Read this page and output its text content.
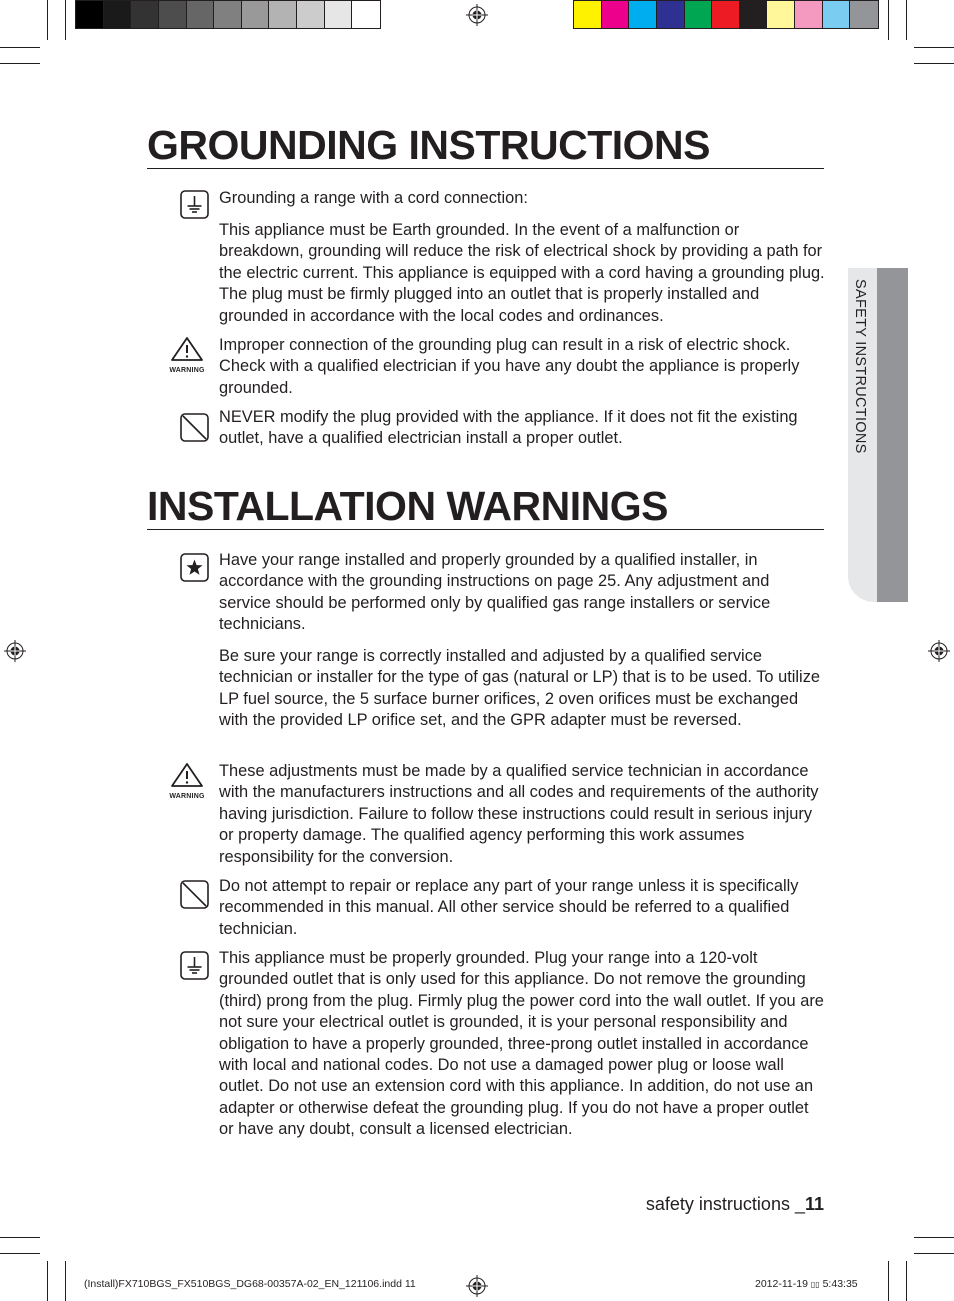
SAFETY INSTRUCTIONS
GROUNDING INSTRUCTIONS
Grounding a range with a cord connection:
This appliance must be Earth grounded. In the event of a malfunction or breakdown, grounding will reduce the risk of electrical shock by providing a path for the electric current. This appliance is equipped with a cord having a grounding plug. The plug must be firmly plugged into an outlet that is properly installed and grounded in accordance with the local codes and ordinances.
WARNING
Improper connection of the grounding plug can result in a risk of electric shock. Check with a qualified electrician if you have any doubt the appliance is properly grounded.
NEVER modify the plug provided with the appliance. If it does not fit the existing outlet, have a qualified electrician install a proper outlet.
INSTALLATION WARNINGS
Have your range installed and properly grounded by a qualified installer, in accordance with the grounding instructions on page 25. Any adjustment and service should be performed only by qualified gas range installers or service technicians.
Be sure your range is correctly installed and adjusted by a qualified service technician or installer for the type of gas (natural or LP) that is to be used. To utilize LP fuel source, the 5 surface burner orifices, 2 oven orifices must be exchanged with the provided LP orifice set, and the GPR adapter must be reversed.
WARNING
These adjustments must be made by a qualified service technician in accordance with the manufacturers instructions and all codes and requirements of the authority having jurisdiction. Failure to follow these instructions could result in serious injury or property damage. The qualified agency performing this work assumes responsibility for the conversion.
Do not attempt to repair or replace any part of your range unless it is specifically recommended in this manual. All other service should be referred to a qualified technician.
This appliance must be properly grounded. Plug your range into a 120-volt grounded outlet that is only used for this appliance. Do not remove the grounding (third) prong from the plug. Firmly plug the power cord into the wall outlet. If you are not sure your electrical outlet is grounded, it is your personal responsibility and obligation to have a properly grounded, three-prong outlet installed in accordance with local and national codes. Do not use a damaged power plug or loose wall outlet. Do not use an extension cord with this appliance. In addition, do not use an adapter or otherwise defeat the grounding plug. If you do not have a proper outlet or have any doubt, consult a licensed electrician.
safety instructions _11
(Install)FX710BGS_FX510BGS_DG68-00357A-02_EN_121106.indd 11	2012-11-19 ▯▯ 5:43:35
